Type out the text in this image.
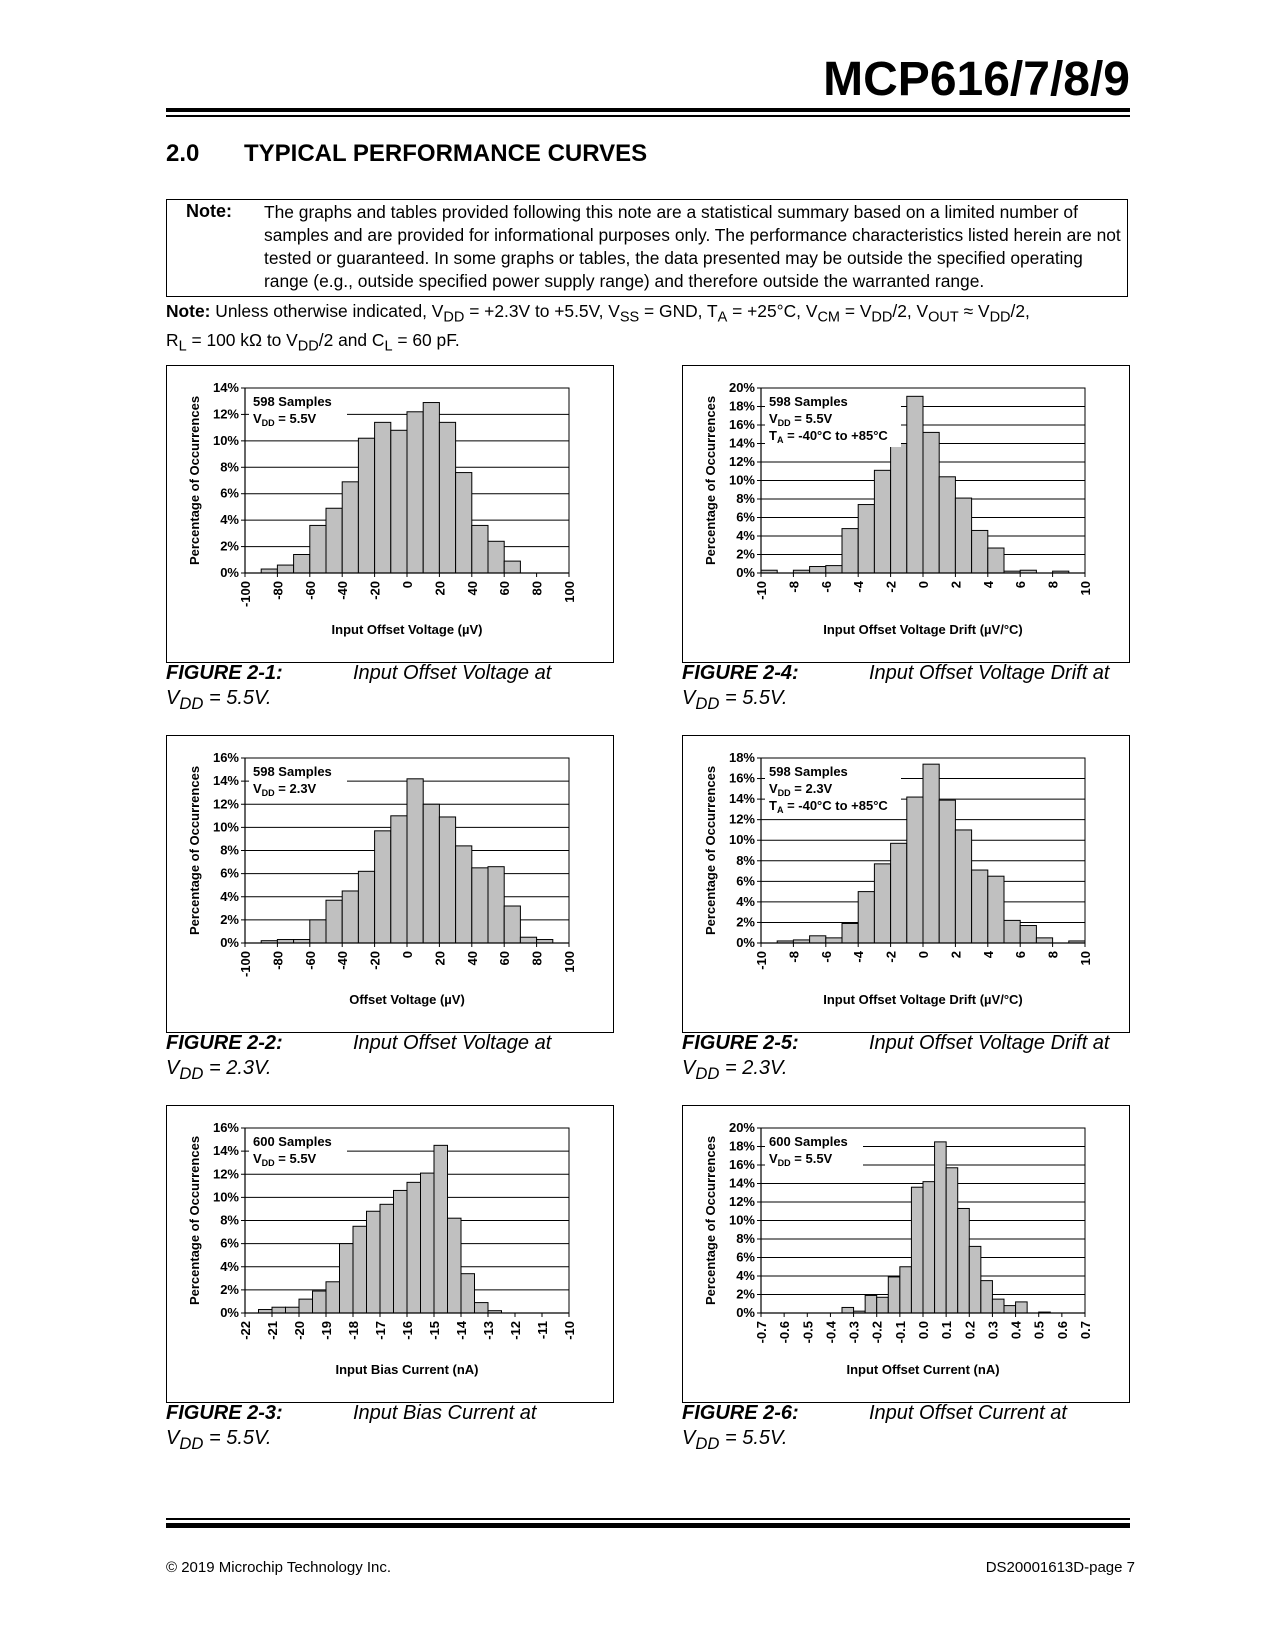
MCP616/7/8/9
2.0 TYPICAL PERFORMANCE CURVES
Note: The graphs and tables provided following this note are a statistical summary based on a limited number of samples and are provided for informational purposes only. The performance characteristics listed herein are not tested or guaranteed. In some graphs or tables, the data presented may be outside the specified operating range (e.g., outside specified power supply range) and therefore outside the warranted range.
Note: Unless otherwise indicated, $V_{DD} = +2.3V$ to +5.5V, $V_{SS}$ = GND, $T_A = +25^\circ C$, $V_{CM} = V_{DD}/2$, $V_{OUT} \approx V_{DD}/2$,
$R_L = 100$ kΩ to $V_{DD}/2$ and $C_L = 60$ pF.
0%
2%
4%
6%
8%
10%
12%
14%
-100 -80 -60 -40 -20 0 20 40 60 80 100
Input Offset Voltage (µV)
Percentage of Occurrences	598 Samples
$V_{DD} = 5.5V$
0%
2%
4%
6%
8%
10%
12%
14%
16%
18%
20%
-10 -8 -6 -4 -2 0 2 4 6 8 10
Input Offset Voltage Drift (µV/°C)
Percentage of Occurrences	598 Samples
$V_{DD} = 5.5V$
$T_A = -40^\circ C$ to +85°C
0%
2%
4%
6%
8%
10%
12%
14%
16%
-100 -80 -60 -40 -20 0 20 40 60 80 100
Offset Voltage (µV)
Percentage of Occurrences	598 Samples
$V_{DD} = 2.3V$
0%
2%
4%
6%
8%
10%
12%
14%
16%
18%
-10 -8 -6 -4 -2 0 2 4 6 8 10
Input Offset Voltage Drift (µV/°C)
Percentage of Occurrences	598 Samples
$V_{DD} = 2.3V$
$T_A = -40^\circ C$ to +85°C
0%
2%
4%
6%
8%
10%
12%
14%
16%
-22 -21 -20 -19 -18 -17 -16 -15 -14 -13 -12 -11 -10
Input Bias Current (nA)
Percentage of Occurrences	600 Samples
$V_{DD} = 5.5V$
0%
2%
4%
6%
8%
10%
12%
14%
16%
18%
20%
-0.7 -0.6 -0.5 -0.4 -0.3 -0.2 -0.1 0.0 0.1 0.2 0.3 0.4 0.5 0.6 0.7
Input Offset Current (nA)
Percentage of Occurrences	600 Samples
$V_{DD} = 5.5V$
FIGURE 2-1:	Input Offset Voltage at
$V_{DD} = 5.5V$.
FIGURE 2-4:	Input Offset Voltage Drift at
$V_{DD} = 5.5V$.
FIGURE 2-2:	Input Offset Voltage at
$V_{DD} = 2.3V$.
FIGURE 2-5:	Input Offset Voltage Drift at
$V_{DD} = 2.3V$.
FIGURE 2-3:	Input Bias Current at
$V_{DD} = 5.5V$.
FIGURE 2-6:	Input Offset Current at
$V_{DD} = 5.5V$.
© 2019 Microchip Technology Inc.	DS20001613D-page 7
